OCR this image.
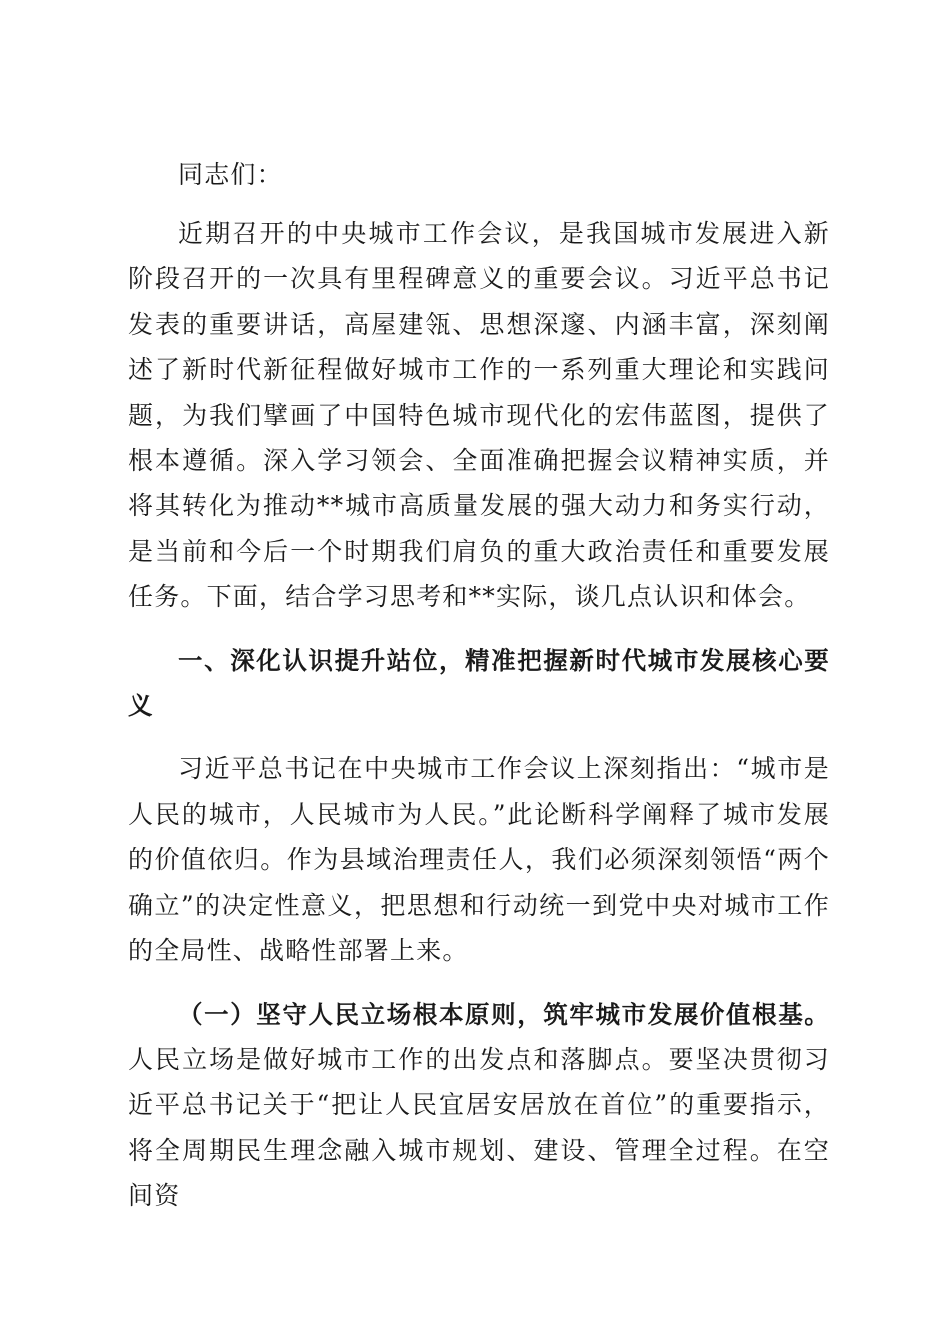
同志们：

近期召开的中央城市工作会议，是我国城市发展进入新阶段召开的一次具有里程碑意义的重要会议。习近平总书记发表的重要讲话，高屋建瓴、思想深邃、内涵丰富，深刻阐述了新时代新征程做好城市工作的一系列重大理论和实践问题，为我们擘画了中国特色城市现代化的宏伟蓝图，提供了根本遵循。深入学习领会、全面准确把握会议精神实质，并将其转化为推动**城市高质量发展的强大动力和务实行动，是当前和今后一个时期我们肩负的重大政治责任和重要发展任务。下面，结合学习思考和**实际，谈几点认识和体会。

一、深化认识提升站位，精准把握新时代城市发展核心要义

习近平总书记在中央城市工作会议上深刻指出：“城市是人民的城市，人民城市为人民。”此论断科学阐释了城市发展的价值依归。作为县域治理责任人，我们必须深刻领悟“两个确立”的决定性意义，把思想和行动统一到党中央对城市工作的全局性、战略性部署上来。

（一）坚守人民立场根本原则，筑牢城市发展价值根基。人民立场是做好城市工作的出发点和落脚点。要坚决贯彻习近平总书记关于“把让人民宜居安居放在首位”的重要指示，将全周期民生理念融入城市规划、建设、管理全过程。在空间资
